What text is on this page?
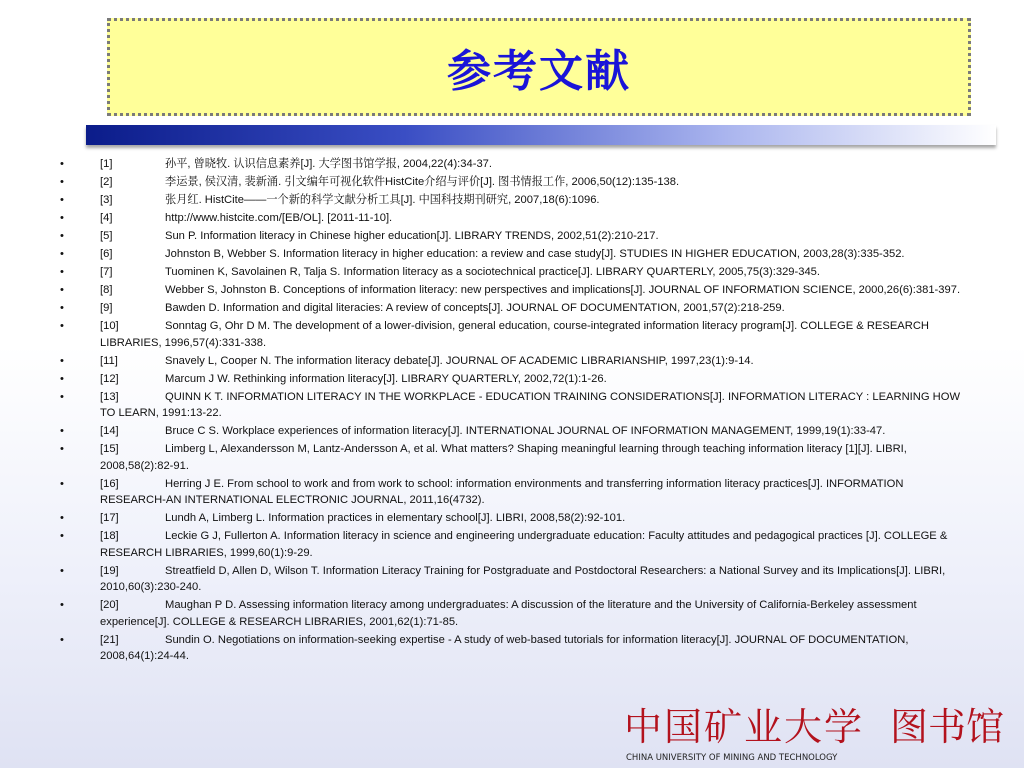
参考文献
•	[1]	孙平, 曾晓牧. 认识信息素养[J]. 大学图书馆学报, 2004,22(4):34-37.
•	[2]	李运景, 侯汉清, 裴新涌. 引文编年可视化软件HistCite介绍与评价[J]. 图书情报工作, 2006,50(12):135-138.
•	[3]	张月红. HistCite——一个新的科学文献分析工具[J]. 中国科技期刊研究, 2007,18(6):1096.
•	[4]	http://www.histcite.com/[EB/OL]. [2011-11-10].
•	[5]	Sun P. Information literacy in Chinese higher education[J]. LIBRARY TRENDS, 2002,51(2):210-217.
•	[6]	Johnston B, Webber S. Information literacy in higher education: a review and case study[J]. STUDIES IN HIGHER EDUCATION, 2003,28(3):335-352.
•	[7]	Tuominen K, Savolainen R, Talja S. Information literacy as a sociotechnical practice[J]. LIBRARY QUARTERLY, 2005,75(3):329-345.
•	[8]	Webber S, Johnston B. Conceptions of information literacy: new perspectives and implications[J]. JOURNAL OF INFORMATION SCIENCE, 2000,26(6):381-397.
•	[9]	Bawden D. Information and digital literacies: A review of concepts[J]. JOURNAL OF DOCUMENTATION, 2001,57(2):218-259.
•	[10]	Sonntag G, Ohr D M. The development of a lower-division, general education, course-integrated information literacy program[J]. COLLEGE & RESEARCH LIBRARIES, 1996,57(4):331-338.
•	[11]	Snavely L, Cooper N. The information literacy debate[J]. JOURNAL OF ACADEMIC LIBRARIANSHIP, 1997,23(1):9-14.
•	[12]	Marcum J W. Rethinking information literacy[J]. LIBRARY QUARTERLY, 2002,72(1):1-26.
•	[13]	QUINN K T. INFORMATION LITERACY IN THE WORKPLACE - EDUCATION TRAINING CONSIDERATIONS[J]. INFORMATION LITERACY : LEARNING HOW TO LEARN, 1991:13-22.
•	[14]	Bruce C S. Workplace experiences of information literacy[J]. INTERNATIONAL JOURNAL OF INFORMATION MANAGEMENT, 1999,19(1):33-47.
•	[15]	Limberg L, Alexandersson M, Lantz-Andersson A, et al. What matters? Shaping meaningful learning through teaching information literacy [1][J]. LIBRI, 2008,58(2):82-91.
•	[16]	Herring J E. From school to work and from work to school: information environments and transferring information literacy practices[J]. INFORMATION RESEARCH-AN INTERNATIONAL ELECTRONIC JOURNAL, 2011,16(4732).
•	[17]	Lundh A, Limberg L. Information practices in elementary school[J]. LIBRI, 2008,58(2):92-101.
•	[18]	Leckie G J, Fullerton A. Information literacy in science and engineering undergraduate education: Faculty attitudes and pedagogical practices [J]. COLLEGE & RESEARCH LIBRARIES, 1999,60(1):9-29.
•	[19]	Streatfield D, Allen D, Wilson T. Information Literacy Training for Postgraduate and Postdoctoral Researchers: a National Survey and its Implications[J]. LIBRI, 2010,60(3):230-240.
•	[20]	Maughan P D. Assessing information literacy among undergraduates: A discussion of the literature and the University of California-Berkeley assessment experience[J]. COLLEGE & RESEARCH LIBRARIES, 2001,62(1):71-85.
•	[21]	Sundin O. Negotiations on information-seeking expertise - A study of web-based tutorials for information literacy[J]. JOURNAL OF DOCUMENTATION, 2008,64(1):24-44.
中国矿业大学 图书馆
CHINA UNIVERSITY OF MINING AND TECHNOLOGY
